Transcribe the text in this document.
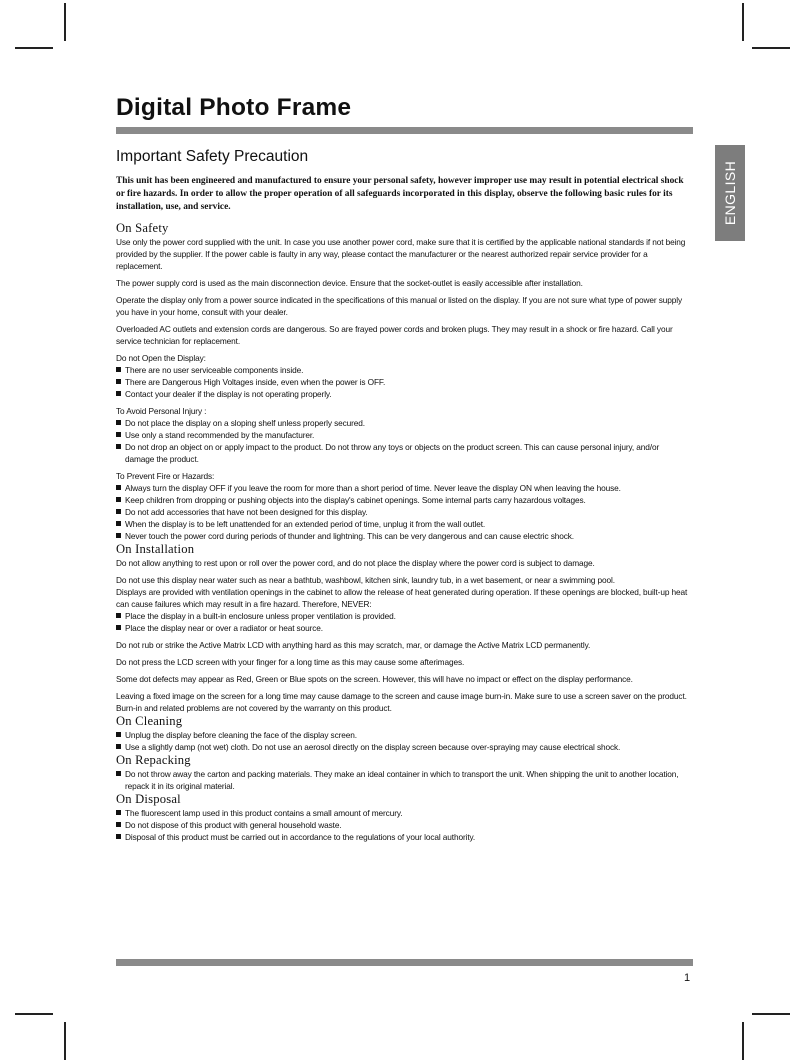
Digital Photo Frame
Important Safety Precaution

This unit has been engineered and manufactured to ensure your personal safety, however improper use may result in potential electrical shock or fire hazards. In order to allow the proper operation of all safeguards incorporated in this display, observe the following basic rules for its installation, use, and service.	ENGLISH
On Safety

Use only the power cord supplied with the unit. In case you use another power cord, make sure that it is certified by the applicable national standards if not being provided by the supplier. If the power cable is faulty in any way, please contact the manufacturer or the nearest authorized repair service provider for a replacement.

The power supply cord is used as the main disconnection device. Ensure that the socket-outlet is easily accessible after installation.

Operate the display only from a power source indicated in the specifications of this manual or listed on the display. If you are not sure what type of power supply you have in your home, consult with your dealer.

Overloaded AC outlets and extension cords are dangerous. So are frayed power cords and broken plugs. They may result in a shock or fire hazard. Call your service technician for replacement.

Do not Open the Display:

There are no user serviceable components inside.
There are Dangerous High Voltages inside, even when the power is OFF.
Contact your dealer if the display is not operating properly.

To Avoid Personal Injury :

Do not place the display on a sloping shelf unless properly secured.
Use only a stand recommended by the manufacturer.
Do not drop an object on or apply impact to the product. Do not throw any toys or objects on the product screen. This can cause personal injury, and/or damage the product.

To Prevent Fire or Hazards:

Always turn the display OFF if you leave the room for more than a short period of time. Never leave the display ON when leaving the house.
Keep children from dropping or pushing objects into the display's cabinet openings. Some internal parts carry hazardous voltages.
Do not add accessories that have not been designed for this display.
When the display is to be left unattended for an extended period of time, unplug it from the wall outlet.
Never touch the power cord during periods of thunder and lightning. This can be very dangerous and can cause electric shock.
On Installation

Do not allow anything to rest upon or roll over the power cord, and do not place the display where the power cord is subject to damage.

Do not use this display near water such as near a bathtub, washbowl, kitchen sink, laundry tub, in a wet basement, or near a swimming pool.

Displays are provided with ventilation openings in the cabinet to allow the release of heat generated during operation. If these openings are blocked, built-up heat can cause failures which may result in a fire hazard. Therefore, NEVER:

Place the display in a built-in enclosure unless proper ventilation is provided.
Place the display near or over a radiator or heat source.

Do not rub or strike the Active Matrix LCD with anything hard as this may scratch, mar, or damage the Active Matrix LCD permanently.

Do not press the LCD screen with your finger for a long time as this may cause some afterimages.

Some dot defects may appear as Red, Green or Blue spots on the screen. However, this will have no impact or effect on the display performance.

Leaving a fixed image on the screen for a long time may cause damage to the screen and cause image burn-in. Make sure to use a screen saver on the product. Burn-in and related problems are not covered by the warranty on this product.

On Cleaning
Unplug the display before cleaning the face of the display screen.
Use a slightly damp (not wet) cloth. Do not use an aerosol directly on the display screen because over-spraying may cause electrical shock.
On Repacking
Do not throw away the carton and packing materials. They make an ideal container in which to transport the unit. When shipping the unit to another location, repack it in its original material.
On Disposal
The fluorescent lamp used in this product contains a small amount of mercury.
Do not dispose of this product with general household waste.
Disposal of this product must be carried out in accordance to the regulations of your local authority.
1
